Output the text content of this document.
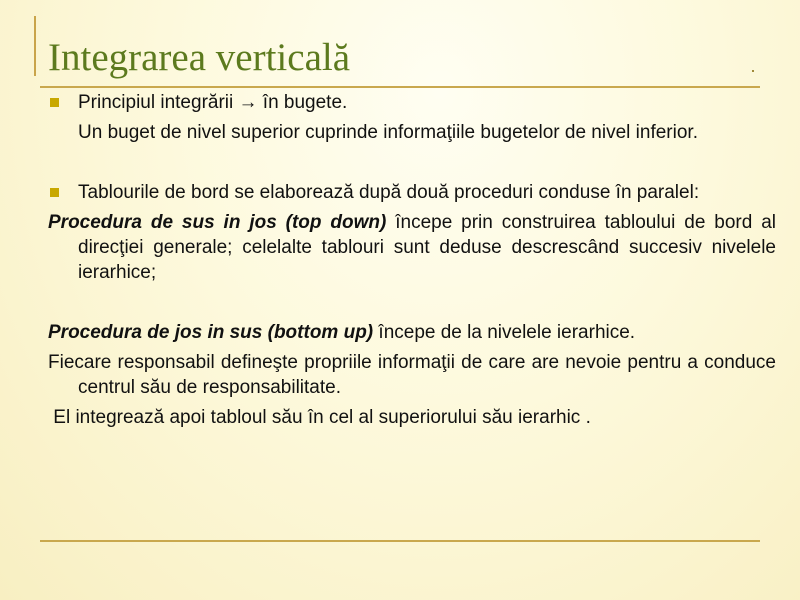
Integrarea verticală

Principiul integrării → în bugete.

Un buget de nivel superior cuprinde informaţiile bugetelor de nivel inferior.

Tablourile de bord se elaborează după două proceduri conduse în paralel:

Procedura de sus in jos (top down) începe prin construirea tabloului de bord al direcţiei generale; celelalte tablouri sunt deduse descrescând succesiv nivelele ierarhice;

Procedura de jos in sus (bottom up) începe de la nivelele ierarhice.

Fiecare responsabil defineşte propriile informaţii de care are nevoie pentru a conduce centrul său de responsabilitate.

El integrează apoi tabloul său în cel al superiorului său ierarhic .
